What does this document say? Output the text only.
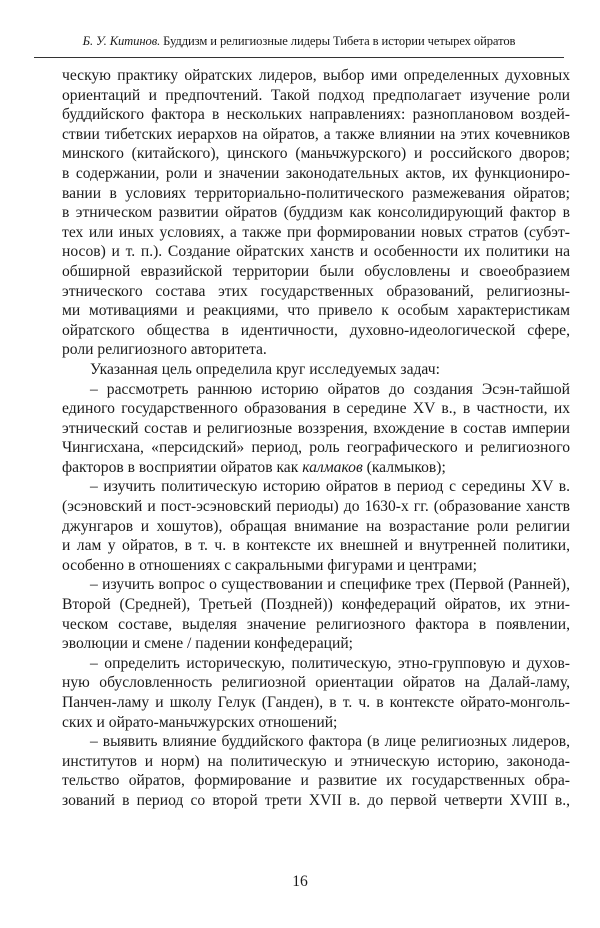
Б. У. Китинов. Буддизм и религиозные лидеры Тибета в истории четырех ойратов
ческую практику ойратских лидеров, выбор ими определенных духовных
ориентаций и предпочтений. Такой подход предполагает изучение роли
буддийского фактора в нескольких направлениях: разноплановом воздей-
ствии тибетских иерархов на ойратов, а также влиянии на этих кочевников
минского (китайского), цинского (маньчжурского) и российского дворов;
в содержании, роли и значении законодательных актов, их функциониро-
вании в условиях территориально-политического размежевания ойратов;
в этническом развитии ойратов (буддизм как консолидирующий фактор в
тех или иных условиях, а также при формировании новых стратов (субэт-
носов) и т. п.). Создание ойратских ханств и особенности их политики на
обширной евразийской территории были обусловлены и своеобразием
этнического состава этих государственных образований, религиозны-
ми мотивациями и реакциями, что привело к особым характеристикам
ойратского общества в идентичности, духовно-идеологической сфере,
роли религиозного авторитета.
Указанная цель определила круг исследуемых задач:
– рассмотреть раннюю историю ойратов до создания Эсэн-тайшой
единого государственного образования в середине XV в., в частности, их
этнический состав и религиозные воззрения, вхождение в состав империи
Чингисхана, «персидский» период, роль географического и религиозного
факторов в восприятии ойратов как калмаков (калмыков);
– изучить политическую историю ойратов в период с середины XV в.
(эсэновский и пост-эсэновский периоды) до 1630-х гг. (образование ханств
джунгаров и хошутов), обращая внимание на возрастание роли религии
и лам у ойратов, в т. ч. в контексте их внешней и внутренней политики,
особенно в отношениях с сакральными фигурами и центрами;
– изучить вопрос о существовании и специфике трех (Первой (Ранней),
Второй (Средней), Третьей (Поздней)) конфедераций ойратов, их этни-
ческом составе, выделяя значение религиозного фактора в появлении,
эволюции и смене / падении конфедераций;
– определить историческую, политическую, этно-групповую и духов-
ную обусловленность религиозной ориентации ойратов на Далай-ламу,
Панчен-ламу и школу Гелук (Ганден), в т. ч. в контексте ойрато-монголь-
ских и ойрато-маньчжурских отношений;
– выявить влияние буддийского фактора (в лице религиозных лидеров,
институтов и норм) на политическую и этническую историю, законода-
тельство ойратов, формирование и развитие их государственных обра-
зований в период со второй трети XVII в. до первой четверти XVIII в.,
16
